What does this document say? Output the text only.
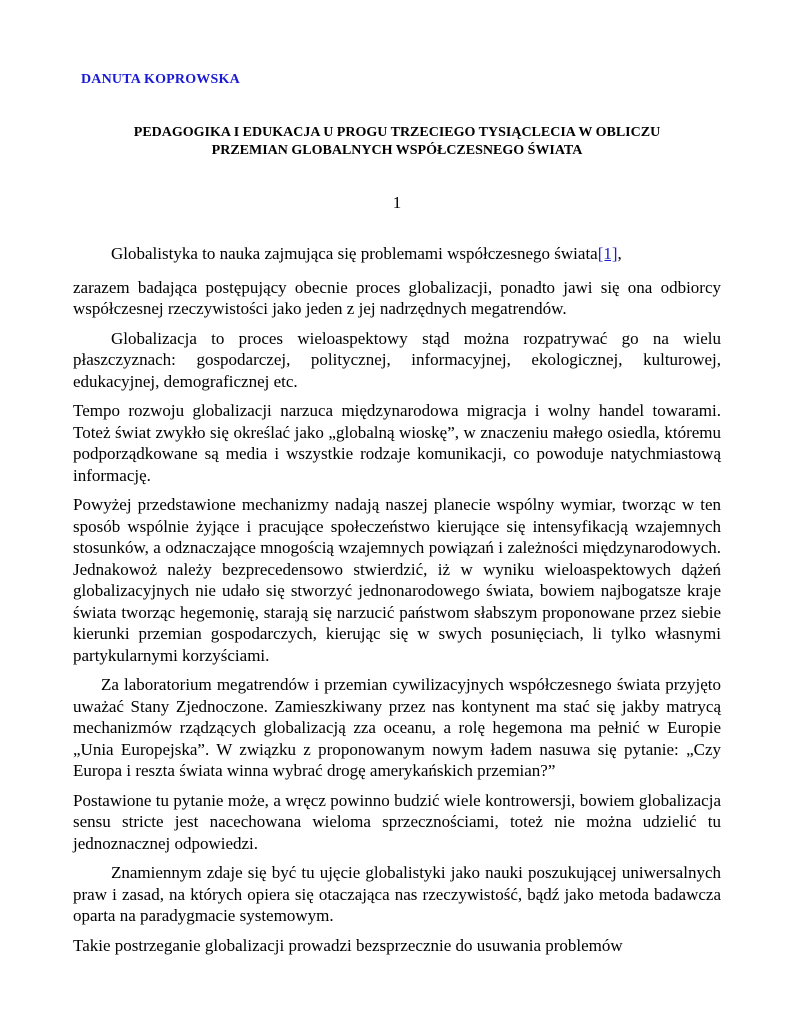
DANUTA KOPROWSKA
PEDAGOGIKA I EDUKACJA U PROGU TRZECIEGO TYSIĄCLECIA W OBLICZU
PRZEMIAN GLOBALNYCH WSPÓŁCZESNEGO ŚWIATA
1

Globalistyka to nauka zajmująca się problemami współczesnego świata[1],

zarazem badająca postępujący obecnie proces globalizacji, ponadto jawi się ona odbiorcy współczesnej rzeczywistości jako jeden z jej nadrzędnych megatrendów.

Globalizacja to proces wieloaspektowy stąd można rozpatrywać go na wielu płaszczyznach: gospodarczej, politycznej, informacyjnej, ekologicznej, kulturowej, edukacyjnej, demograficznej etc.

Tempo rozwoju globalizacji narzuca międzynarodowa migracja i wolny handel towarami. Toteż świat zwykło się określać jako „globalną wioskę”, w znaczeniu małego osiedla, któremu podporządkowane są media i wszystkie rodzaje komunikacji, co powoduje natychmiastową informację.

Powyżej przedstawione mechanizmy nadają naszej planecie wspólny wymiar, tworząc w ten sposób wspólnie żyjące i pracujące społeczeństwo kierujące się intensyfikacją wzajemnych stosunków, a odznaczające mnogością wzajemnych powiązań i zależności międzynarodowych. Jednakowoż należy bezprecedensowo stwierdzić, iż w wyniku wieloaspektowych dążeń globalizacyjnych nie udało się stworzyć jednonarodowego świata, bowiem najbogatsze kraje świata tworząc hegemonię, starają się narzucić państwom słabszym proponowane przez siebie kierunki przemian gospodarczych, kierując się w swych posunięciach, li tylko własnymi partykularnymi korzyściami.

Za laboratorium megatrendów i przemian cywilizacyjnych współczesnego świata przyjęto uważać Stany Zjednoczone. Zamieszkiwany przez nas kontynent ma stać się jakby matrycą mechanizmów rządzących globalizacją zza oceanu, a rolę hegemona ma pełnić w Europie „Unia Europejska”. W związku z proponowanym nowym ładem nasuwa się pytanie: „Czy Europa i reszta świata winna wybrać drogę amerykańskich przemian?”

Postawione tu pytanie może, a wręcz powinno budzić wiele kontrowersji, bowiem globalizacja sensu stricte jest nacechowana wieloma sprzecznościami, toteż nie można udzielić tu jednoznacznej odpowiedzi.

Znamiennym zdaje się być tu ujęcie globalistyki jako nauki poszukującej uniwersalnych praw i zasad, na których opiera się otaczająca nas rzeczywistość, bądź jako metoda badawcza oparta na paradygmacie systemowym.

Takie postrzeganie globalizacji prowadzi bezsprzecznie do usuwania problemów
